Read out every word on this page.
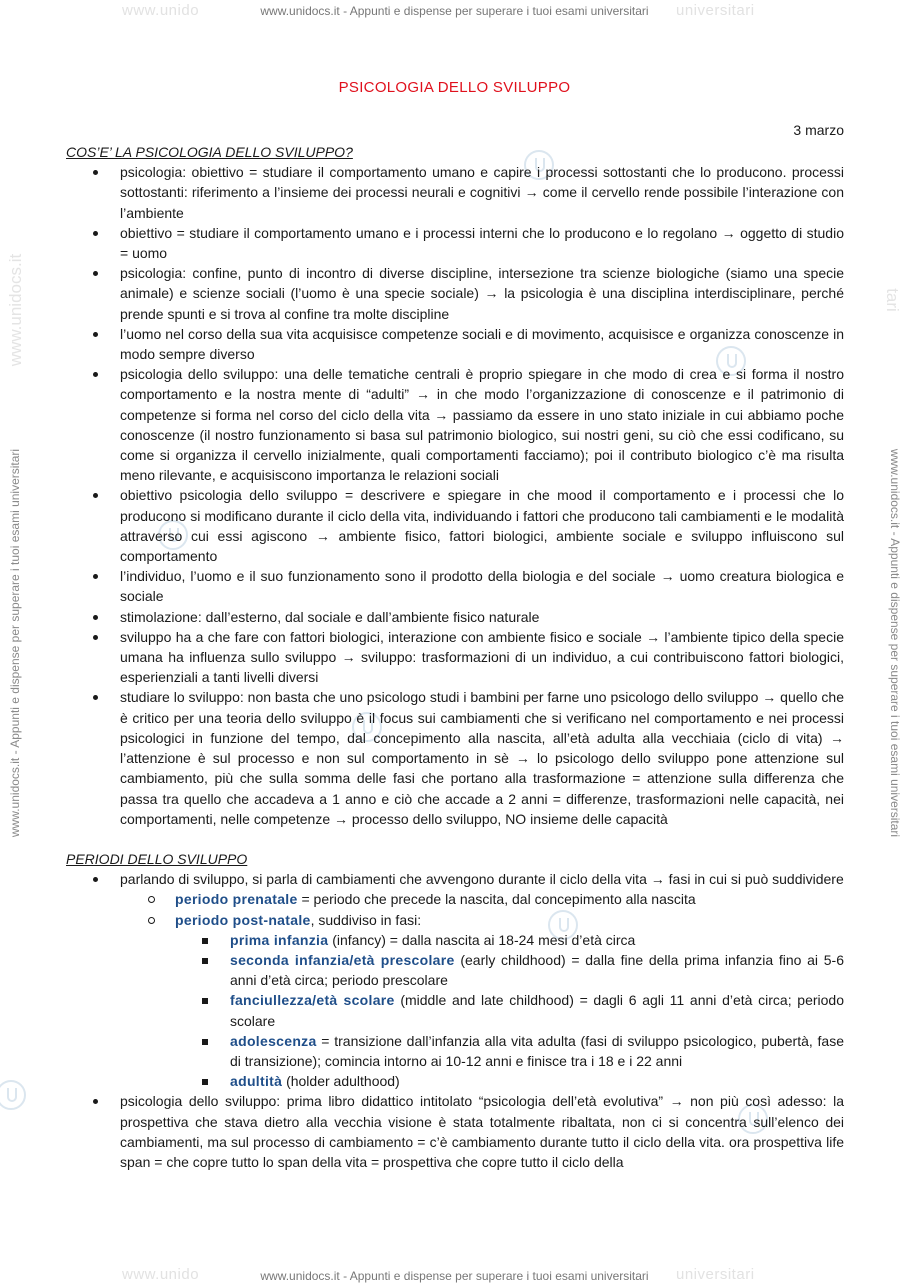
www.unido	universitari
www.unidocs.it - Appunti e dispense per superare i tuoi esami universitari
www.unido	universitari
www.unidocs.it - Appunti e dispense per superare i tuoi esami universitari
www.unidocs.it - Appunti e dispense per superare i tuoi esami universitari	www.unidocs.it - Appunti e dispense per superare i tuoi esami universitari
www.unidocs.it	tari
PSICOLOGIA DELLO SVILUPPO
3 marzo

COS’E’ LA PSICOLOGIA DELLO SVILUPPO?

psicologia: obiettivo = studiare il comportamento umano e capire i processi sottostanti che lo producono. processi sottostanti: riferimento a l’insieme dei processi neurali e cognitivi → come il cervello rende possibile l’interazione con l’ambiente
obiettivo = studiare il comportamento umano e i processi interni che lo producono e lo regolano → oggetto di studio = uomo
psicologia: confine, punto di incontro di diverse discipline, intersezione tra scienze biologiche (siamo una specie animale) e scienze sociali (l’uomo è una specie sociale) → la psicologia è una disciplina interdisciplinare, perché prende spunti e si trova al confine tra molte discipline
l’uomo nel corso della sua vita acquisisce competenze sociali e di movimento, acquisisce e organizza conoscenze in modo sempre diverso
psicologia dello sviluppo: una delle tematiche centrali è proprio spiegare in che modo di crea e si forma il nostro comportamento e la nostra mente di “adulti” → in che modo l’organizzazione di conoscenze e il patrimonio di competenze si forma nel corso del ciclo della vita → passiamo da essere in uno stato iniziale in cui abbiamo poche conoscenze (il nostro funzionamento si basa sul patrimonio biologico, sui nostri geni, su ciò che essi codificano, su come si organizza il cervello inizialmente, quali comportamenti facciamo); poi il contributo biologico c’è ma risulta meno rilevante, e acquisiscono importanza le relazioni sociali
obiettivo psicologia dello sviluppo = descrivere e spiegare in che mood il comportamento e i processi che lo producono si modificano durante il ciclo della vita, individuando i fattori che producono tali cambiamenti e le modalità attraverso cui essi agiscono → ambiente fisico, fattori biologici, ambiente sociale e sviluppo influiscono sul comportamento
l’individuo, l’uomo e il suo funzionamento sono il prodotto della biologia e del sociale → uomo creatura biologica e sociale
stimolazione: dall’esterno, dal sociale e dall’ambiente fisico naturale
sviluppo ha a che fare con fattori biologici, interazione con ambiente fisico e sociale → l’ambiente tipico della specie umana ha influenza sullo sviluppo → sviluppo: trasformazioni di un individuo, a cui contribuiscono fattori biologici, esperienziali a tanti livelli diversi
studiare lo sviluppo: non basta che uno psicologo studi i bambini per farne uno psicologo dello sviluppo → quello che è critico per una teoria dello sviluppo è il focus sui cambiamenti che si verificano nel comportamento e nei processi psicologici in funzione del tempo, dal concepimento alla nascita, all’età adulta alla vecchiaia (ciclo di vita) → l’attenzione è sul processo e non sul comportamento in sè → lo psicologo dello sviluppo pone attenzione sul cambiamento, più che sulla somma delle fasi che portano alla trasformazione = attenzione sulla differenza che passa tra quello che accadeva a 1 anno e ciò che accade a 2 anni = differenze, trasformazioni nelle capacità, nei comportamenti, nelle competenze → processo dello sviluppo, NO insieme delle capacità

PERIODI DELLO SVILUPPO

parlando di sviluppo, si parla di cambiamenti che avvengono durante il ciclo della vita → fasi in cui si può suddividere
periodo prenatale = periodo che precede la nascita, dal concepimento alla nascita
periodo post-natale, suddiviso in fasi:
prima infanzia (infancy) = dalla nascita ai 18-24 mesi d’età circa
seconda infanzia/età prescolare (early childhood) = dalla fine della prima infanzia fino ai 5-6 anni d’età circa; periodo prescolare
fanciullezza/età scolare (middle and late childhood) = dagli 6 agli 11 anni d’età circa; periodo scolare
adolescenza = transizione dall’infanzia alla vita adulta (fasi di sviluppo psicologico, pubertà, fase di transizione); comincia intorno ai 10-12 anni e finisce tra i 18 e i 22 anni
adultità (holder adulthood)
psicologia dello sviluppo: prima libro didattico intitolato “psicologia dell’età evolutiva” → non più così adesso: la prospettiva che stava dietro alla vecchia visione è stata totalmente ribaltata, non ci si concentra sull’elenco dei cambiamenti, ma sul processo di cambiamento = c’è cambiamento durante tutto il ciclo della vita. ora prospettiva life span = che copre tutto lo span della vita = prospettiva che copre tutto il ciclo della
